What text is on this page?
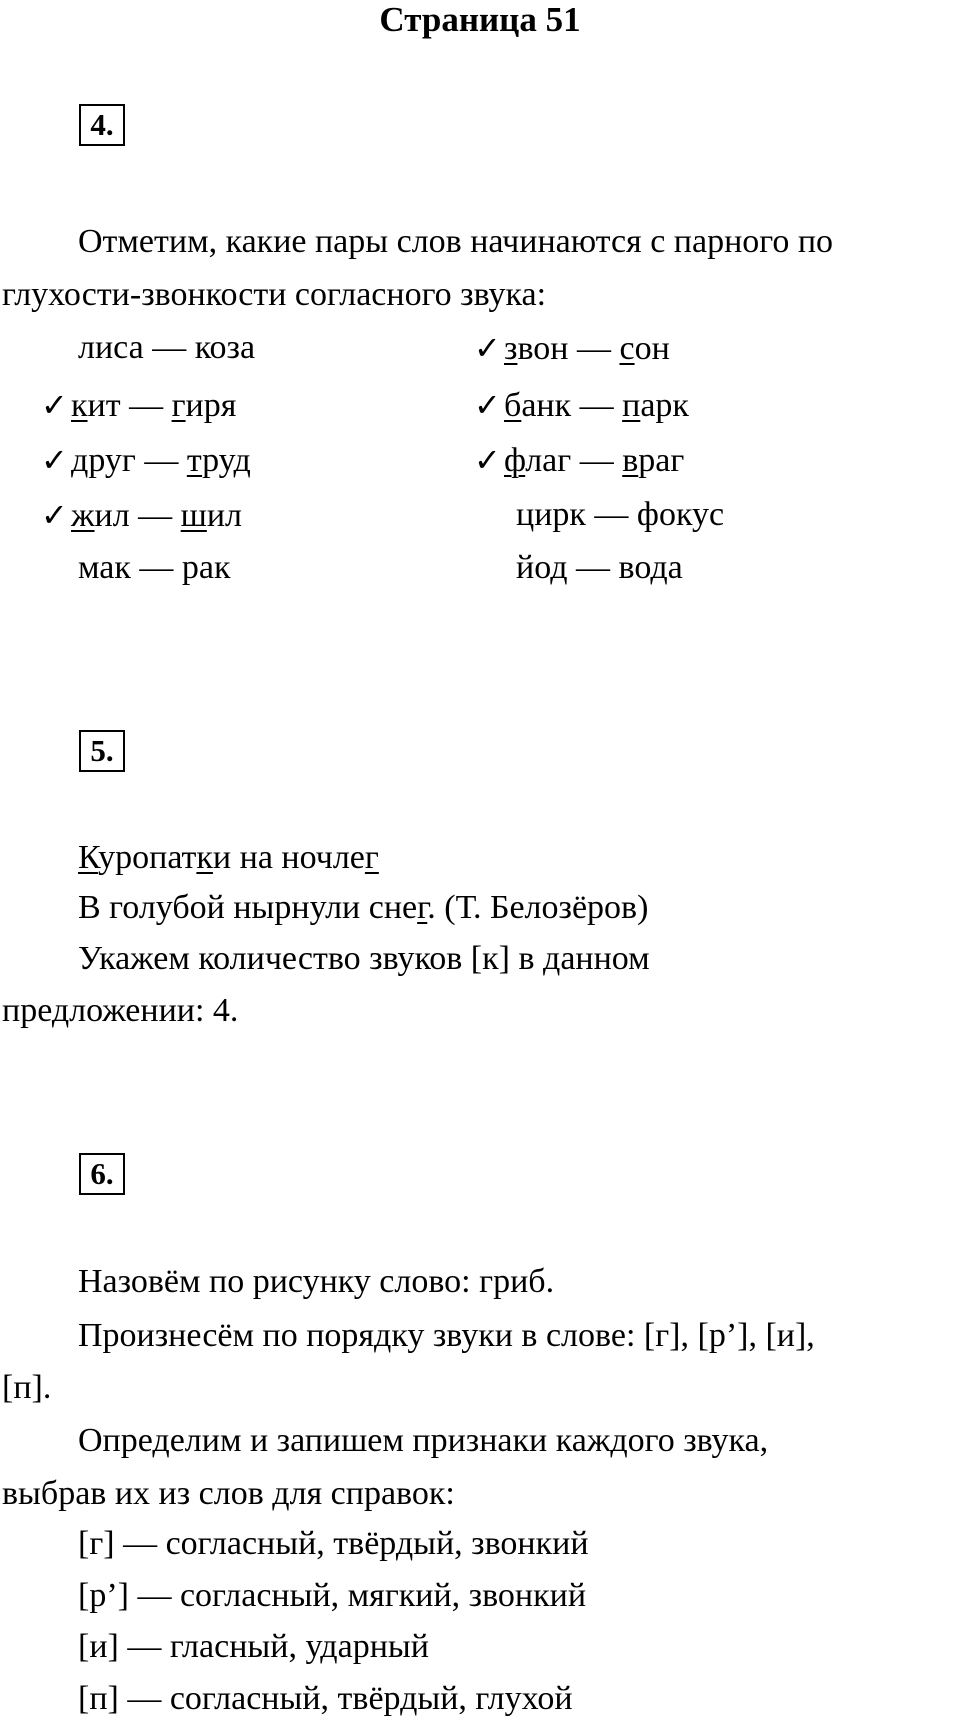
Страница 51
4.
Отметим, какие пары слов начинаются с парного по
глухости-звонкости согласного звука:
лиса — коза
✓кит — гиря
✓друг — труд
✓жил — шил
мак — рак
✓звон — сон
✓банк — парк
✓флаг — враг
цирк — фокус
йод — вода
5.
Куропатки на ночлег
В голубой нырнули снег. (Т. Белозёров)
Укажем количество звуков [к] в данном
предложении: 4.
6.
Назовём по рисунку слово: гриб.
Произнесём по порядку звуки в слове: [г], [р’], [и],
[п].
Определим и запишем признаки каждого звука,
выбрав их из слов для справок:
[г] — согласный, твёрдый, звонкий
[р’] — согласный, мягкий, звонкий
[и] — гласный, ударный
[п] — согласный, твёрдый, глухой
